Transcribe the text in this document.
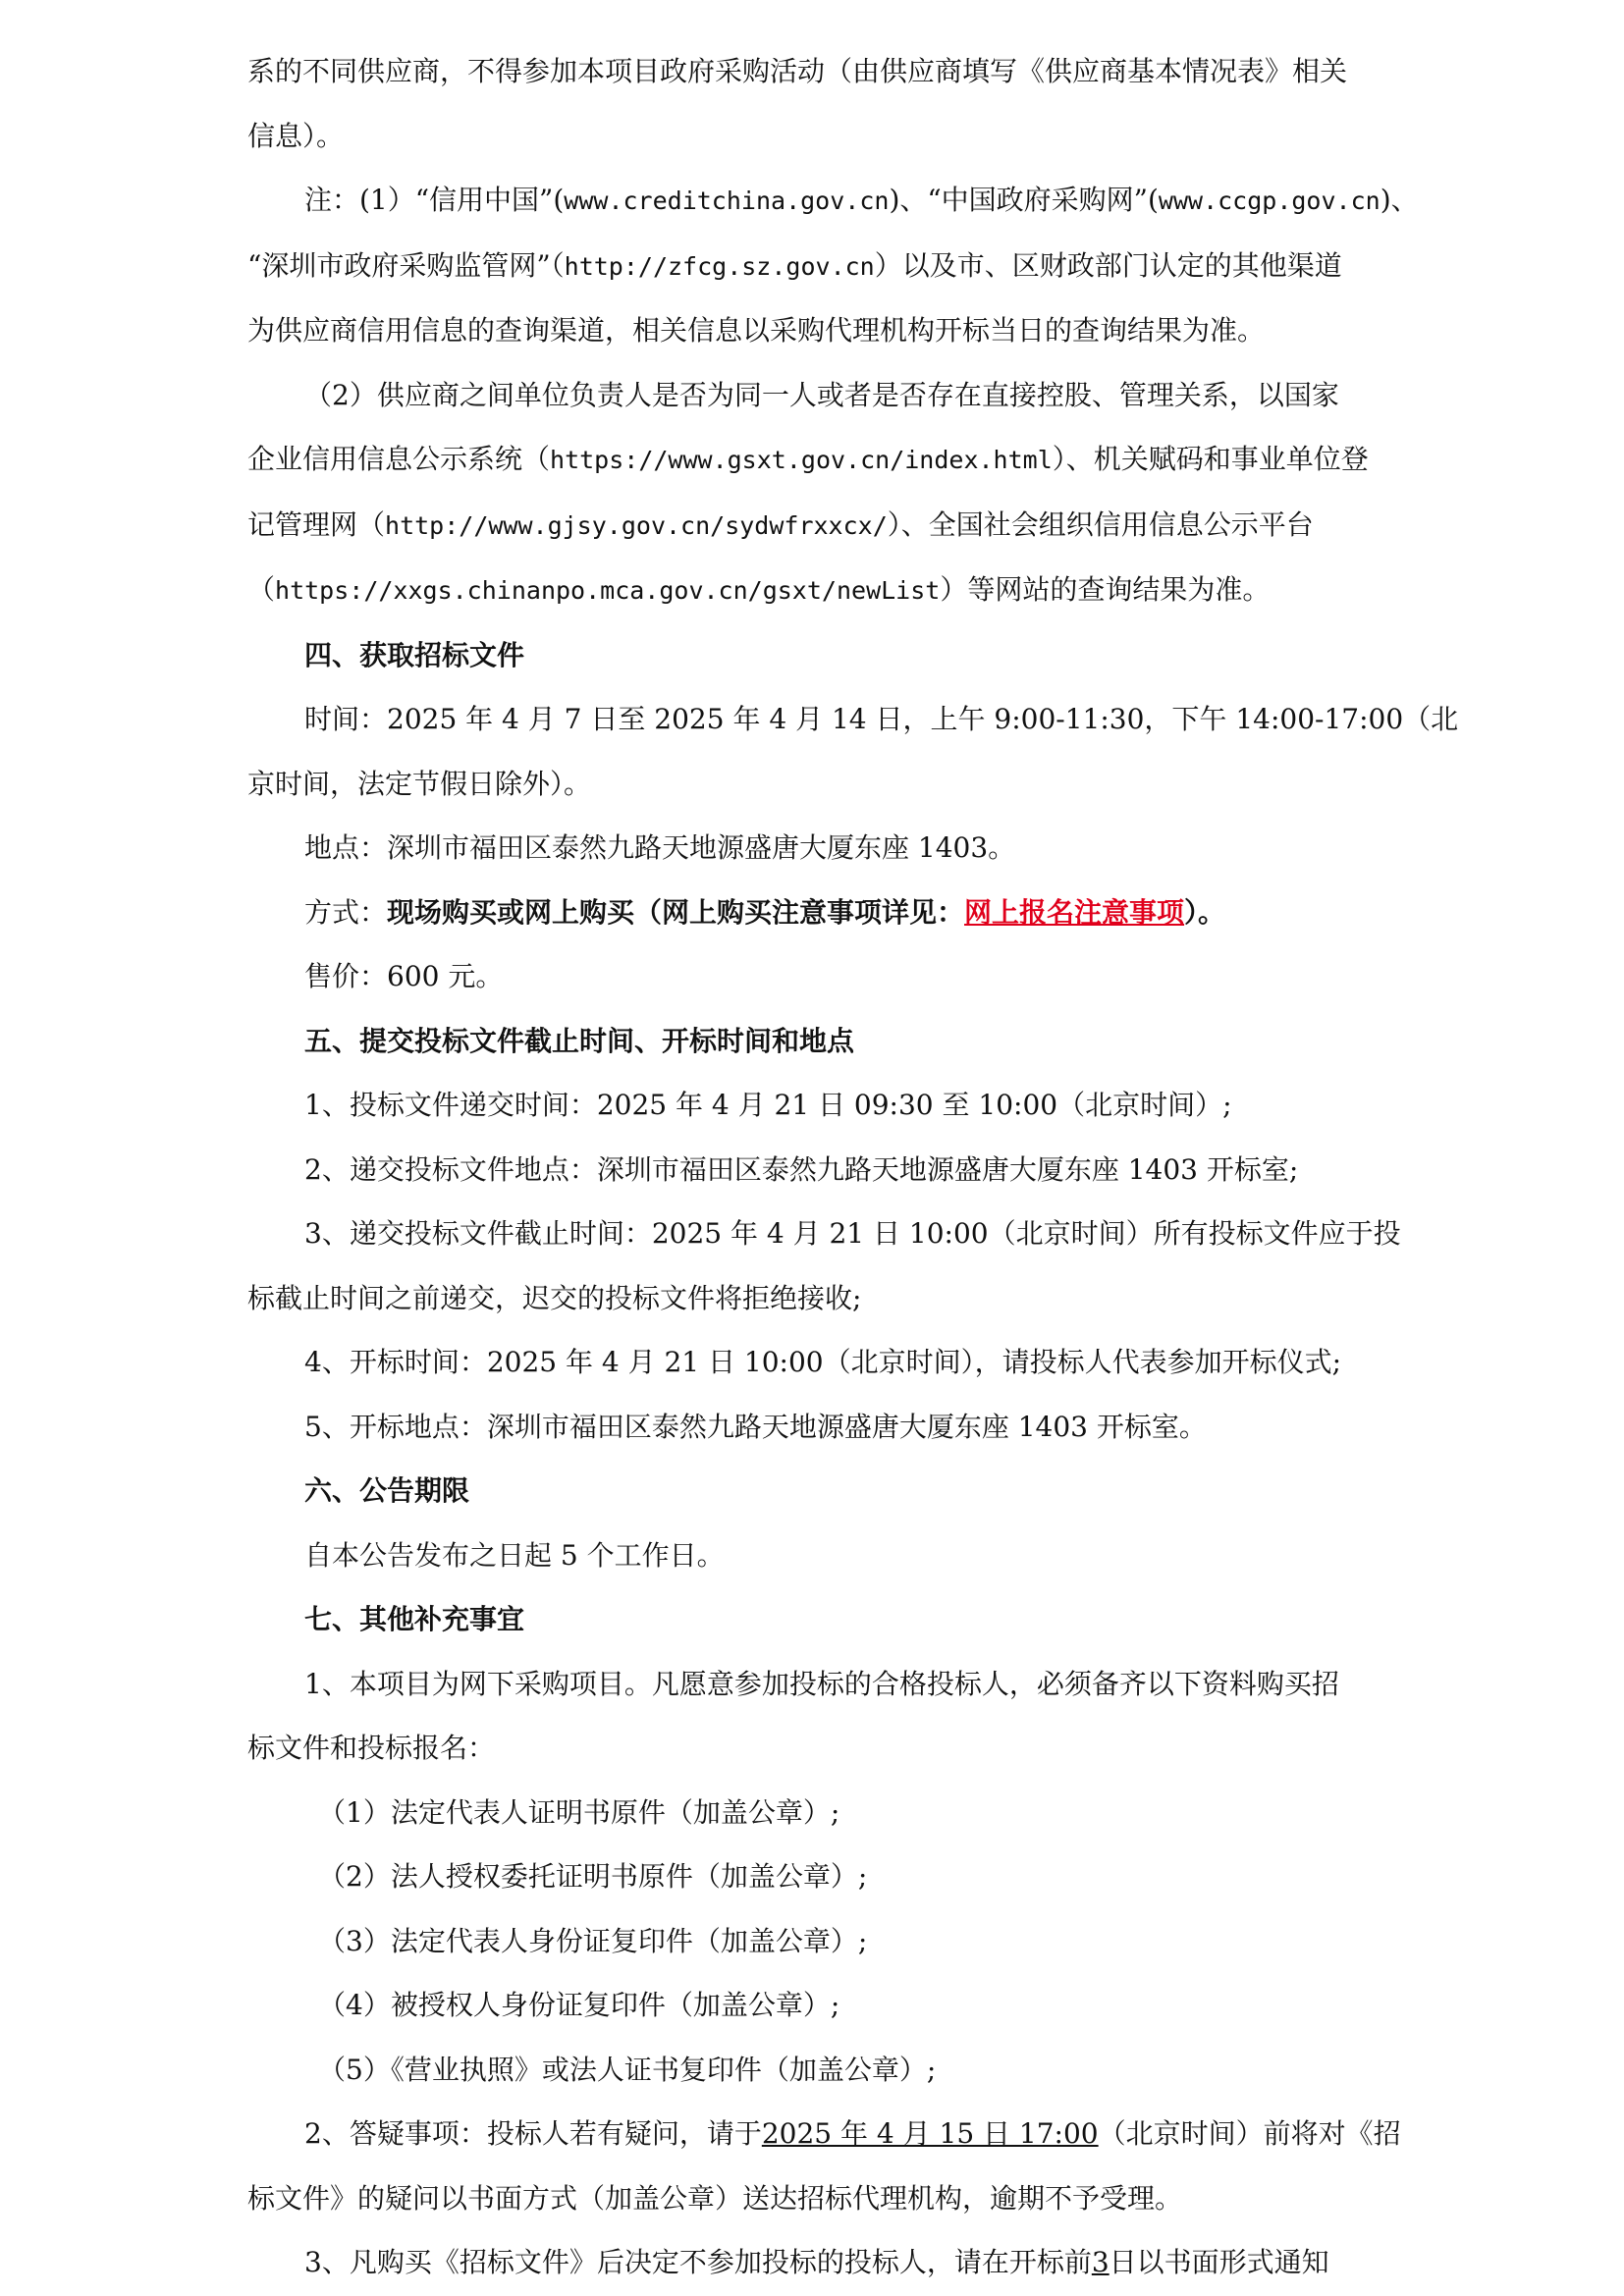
系的不同供应商，不得参加本项目政府采购活动（由供应商填写《供应商基本情况表》相关

信息）。

注：(1）“信用中国”(www.creditchina.gov.cn)、“中国政府采购网”(www.ccgp.gov.cn)、

“深圳市政府采购监管网”（http://zfcg.sz.gov.cn）以及市、区财政部门认定的其他渠道

为供应商信用信息的查询渠道，相关信息以采购代理机构开标当日的查询结果为准。

（2）供应商之间单位负责人是否为同一人或者是否存在直接控股、管理关系，以国家

企业信用信息公示系统（https://www.gsxt.gov.cn/index.html）、机关赋码和事业单位登

记管理网（http://www.gjsy.gov.cn/sydwfrxxcx/）、全国社会组织信用信息公示平台

（https://xxgs.chinanpo.mca.gov.cn/gsxt/newList）等网站的查询结果为准。

四、获取招标文件

时间：2025 年 4 月 7 日至 2025 年 4 月 14 日，上午 9:00-11:30，下午 14:00-17:00（北

京时间，法定节假日除外）。

地点：深圳市福田区泰然九路天地源盛唐大厦东座 1403。

方式：现场购买或网上购买（网上购买注意事项详见：网上报名注意事项）。

售价：600 元。

五、提交投标文件截止时间、开标时间和地点

1、投标文件递交时间：2025 年 4 月 21 日 09:30 至 10:00（北京时间）;

2、递交投标文件地点：深圳市福田区泰然九路天地源盛唐大厦东座 1403 开标室;

3、递交投标文件截止时间：2025 年 4 月 21 日 10:00（北京时间）所有投标文件应于投

标截止时间之前递交，迟交的投标文件将拒绝接收;

4、开标时间：2025 年 4 月 21 日 10:00（北京时间），请投标人代表参加开标仪式;

5、开标地点：深圳市福田区泰然九路天地源盛唐大厦东座 1403 开标室。

六、公告期限

自本公告发布之日起 5 个工作日。

七、其他补充事宜

1、本项目为网下采购项目。凡愿意参加投标的合格投标人，必须备齐以下资料购买招

标文件和投标报名：

（1）法定代表人证明书原件（加盖公章）;

（2）法人授权委托证明书原件（加盖公章）;

（3）法定代表人身份证复印件（加盖公章）;

（4）被授权人身份证复印件（加盖公章）;

（5）《营业执照》或法人证书复印件（加盖公章）;

2、答疑事项：投标人若有疑问，请于2025 年 4 月 15 日 17:00（北京时间）前将对《招

标文件》的疑问以书面方式（加盖公章）送达招标代理机构，逾期不予受理。

3、凡购买《招标文件》后决定不参加投标的投标人，请在开标前3日以书面形式通知
